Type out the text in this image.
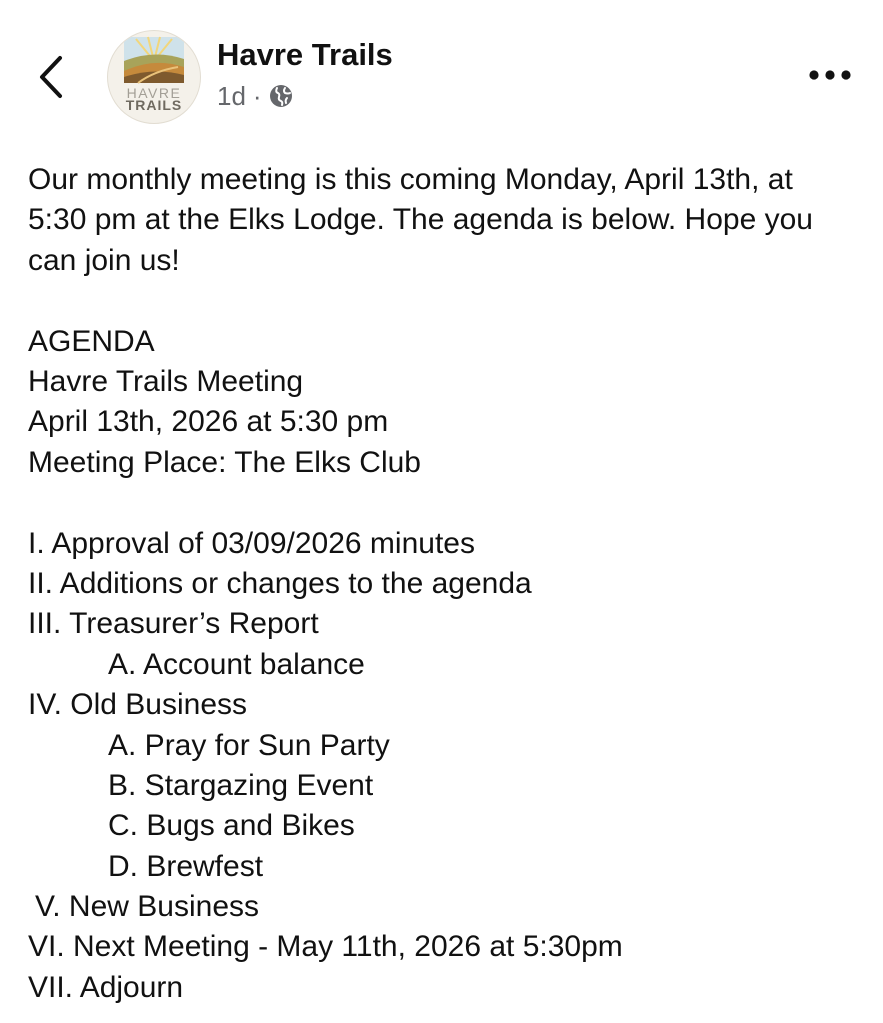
HAVRE
TRAILS
Havre Trails
1d ·

Our monthly meeting is this coming Monday, April 13th, at 5:30 pm at the Elks Lodge. The agenda is below. Hope you can join us!

AGENDA
Havre Trails Meeting
April 13th, 2026 at 5:30 pm
Meeting Place: The Elks Club
I. Approval of 03/09/2026 minutes
II. Additions or changes to the agenda
III. Treasurer’s Report
A. Account balance
IV. Old Business
A. Pray for Sun Party
B. Stargazing Event
C. Bugs and Bikes
D. Brewfest
V. New Business
VI. Next Meeting - May 11th, 2026 at 5:30pm
VII. Adjourn
